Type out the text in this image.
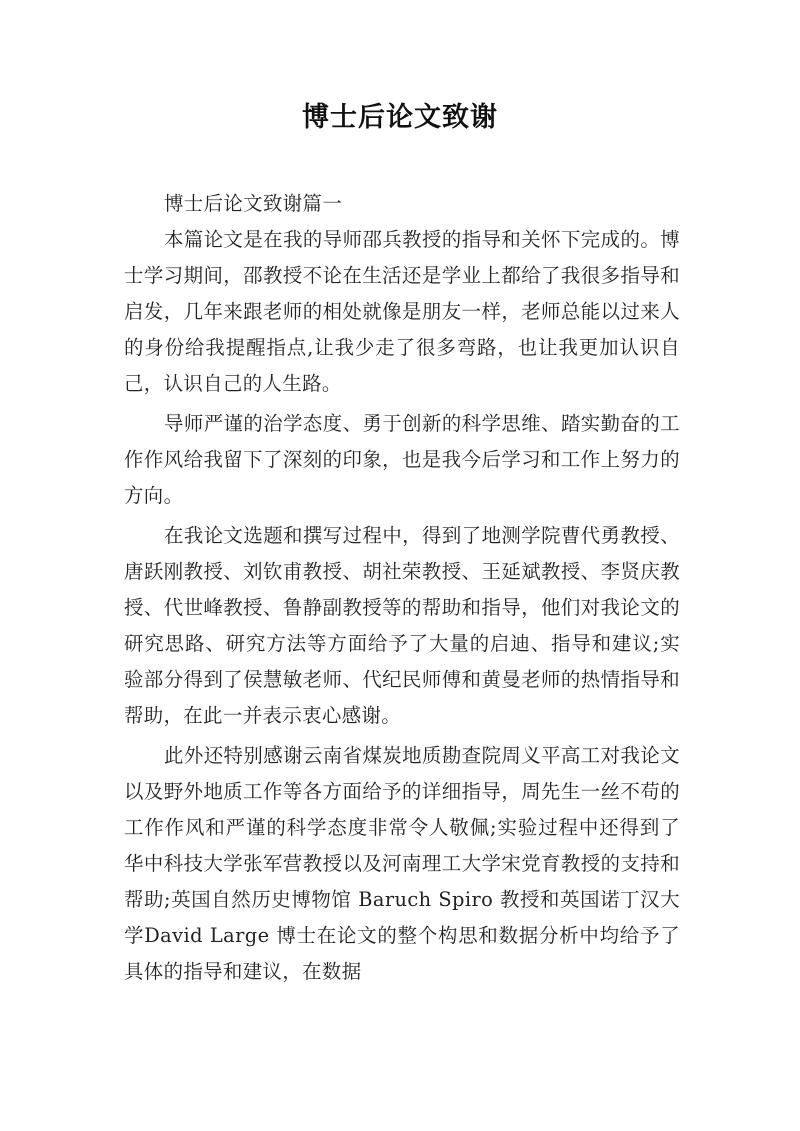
博士后论文致谢

博士后论文致谢篇一

本篇论文是在我的导师邵兵教授的指导和关怀下完成的。博士学习期间，邵教授不论在生活还是学业上都给了我很多指导和启发，几年来跟老师的相处就像是朋友一样，老师总能以过来人的身份给我提醒指点,让我少走了很多弯路，也让我更加认识自己，认识自己的人生路。

导师严谨的治学态度、勇于创新的科学思维、踏实勤奋的工作作风给我留下了深刻的印象，也是我今后学习和工作上努力的方向。

在我论文选题和撰写过程中，得到了地测学院曹代勇教授、唐跃刚教授、刘钦甫教授、胡社荣教授、王延斌教授、李贤庆教授、代世峰教授、鲁静副教授等的帮助和指导，他们对我论文的研究思路、研究方法等方面给予了大量的启迪、指导和建议;实验部分得到了侯慧敏老师、代纪民师傅和黄曼老师的热情指导和帮助，在此一并表示衷心感谢。

此外还特别感谢云南省煤炭地质勘查院周义平高工对我论文以及野外地质工作等各方面给予的详细指导，周先生一丝不苟的工作作风和严谨的科学态度非常令人敬佩;实验过程中还得到了华中科技大学张军营教授以及河南理工大学宋党育教授的支持和帮助;英国自然历史博物馆 Baruch Spiro 教授和英国诺丁汉大学David Large 博士在论文的整个构思和数据分析中均给予了具体的指导和建议，在数据
